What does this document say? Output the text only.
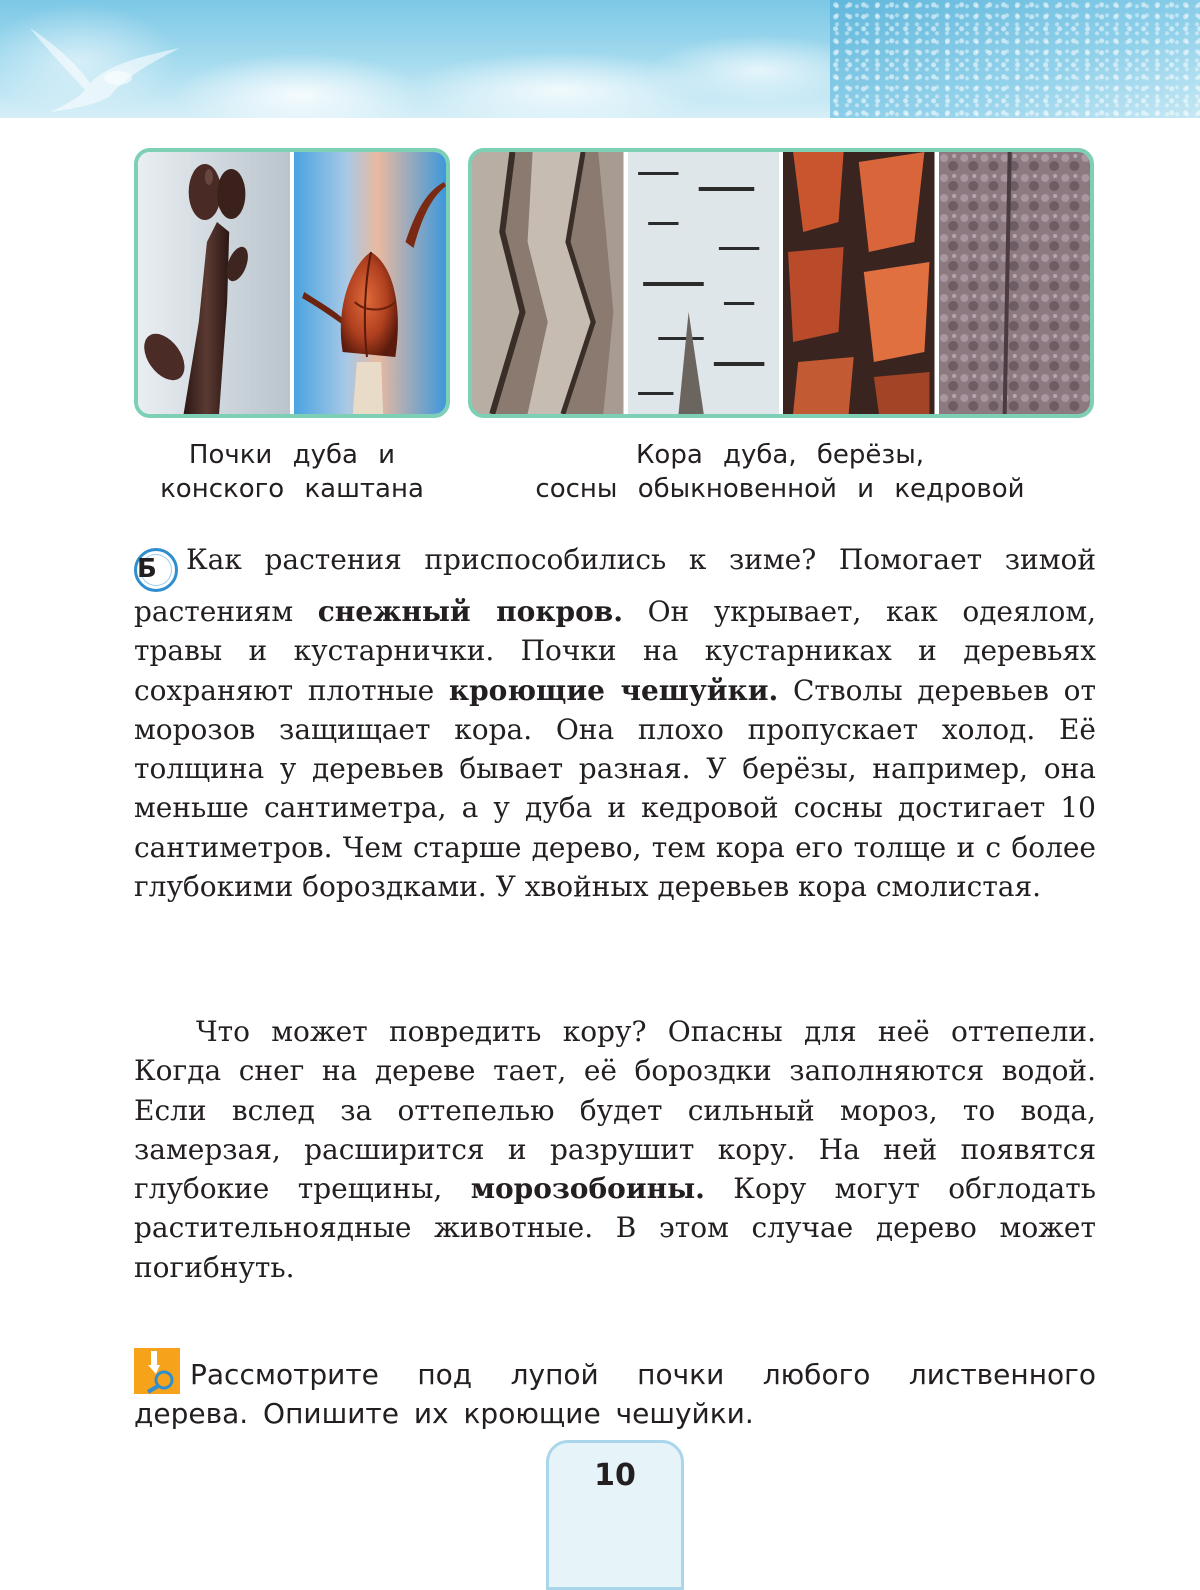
Почки дуба и
конского каштана
Кора дуба, берёзы,
сосны обыкновенной и кедровой

Б Как растения приспособились к зиме? Помогает зимой растениям снежный покров. Он укрывает, как одеялом, травы и кустарнички. Почки на кустарниках и деревьях сохраняют плотные кроющие чешуйки. Стволы деревьев от морозов защищает кора. Она плохо пропускает холод. Её толщина у деревьев бывает разная. У берёзы, например, она меньше сантиметра, а у дуба и кедровой сосны достигает 10 сантиметров. Чем старше дерево, тем кора его толще и с более глубокими бороздками. У хвойных деревьев кора смолистая.

Что может повредить кору? Опасны для неё оттепели. Когда снег на дереве тает, её бороздки заполняются водой. Если вслед за оттепелью будет сильный мороз, то вода, замерзая, расширится и разрушит кору. На ней появятся глубокие трещины, морозобоины. Кору могут обглодать растительноядные животные. В этом случае дерево может погибнуть.

Рассмотрите под лупой почки любого лиственного дерева. Опишите их кроющие чешуйки.

10
